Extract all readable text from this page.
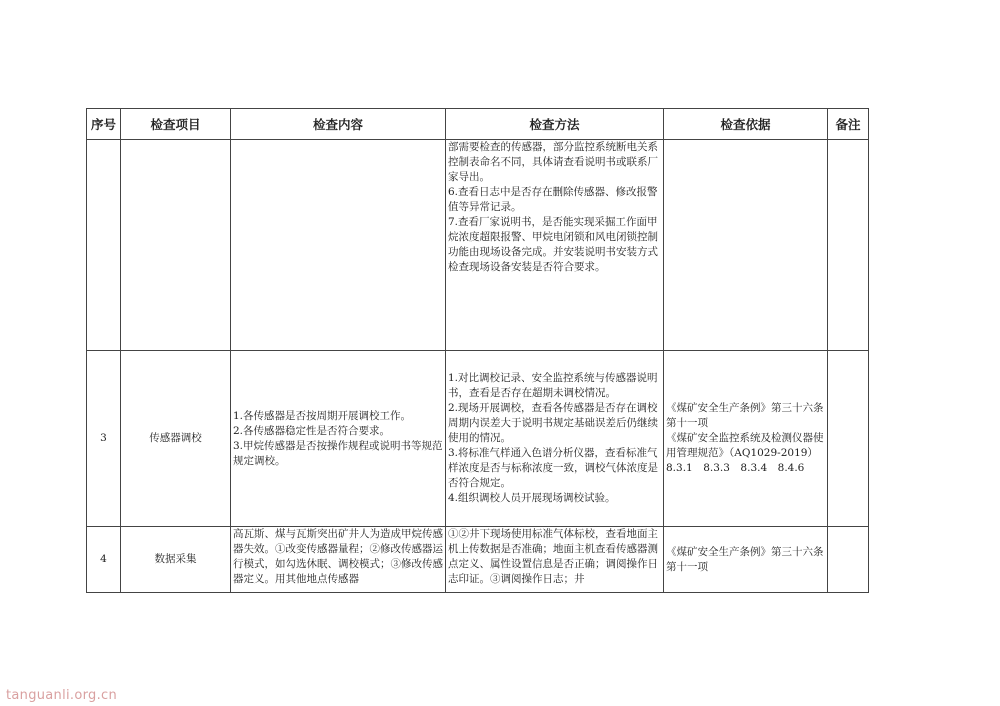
序号	检查项目	检查内容	检查方法	检查依据	备注
			部需要检查的传感器，部分监控系统断电关系控制表命名不同，具体请查看说明书或联系厂家导出。
6.查看日志中是否存在删除传感器、修改报警值等异常记录。
7.查看厂家说明书，是否能实现采掘工作面甲烷浓度超限报警、甲烷电闭锁和风电闭锁控制功能由现场设备完成。并安装说明书安装方式检查现场设备安装是否符合要求。		
3	传感器调校	1.各传感器是否按周期开展调校工作。
2.各传感器稳定性是否符合要求。
3.甲烷传感器是否按操作规程或说明书等规范规定调校。	1.对比调校记录、安全监控系统与传感器说明书，查看是否存在超期未调校情况。
2.现场开展调校，查看各传感器是否存在调校周期内误差大于说明书规定基础误差后仍继续使用的情况。
3.将标准气样通入色谱分析仪器，查看标准气样浓度是否与标称浓度一致，调校气体浓度是否符合规定。
4.组织调校人员开展现场调校试验。	《煤矿安全生产条例》第三十六条第十一项
《煤矿安全监控系统及检测仪器使用管理规范》（AQ1029-2019）8.3.1　8.3.3　8.3.4　8.4.6	
4	数据采集	高瓦斯、煤与瓦斯突出矿井人为造成甲烷传感器失效。①改变传感器量程；②修改传感器运行模式，如勾选休眠、调校模式；③修改传感器定义。用其他地点传感器	①②井下现场使用标准气体标校，查看地面主机上传数据是否准确；地面主机查看传感器测点定义、属性设置信息是否正确；调阅操作日志印证。③调阅操作日志；井	《煤矿安全生产条例》第三十六条第十一项	
tanguanli.org.cn
